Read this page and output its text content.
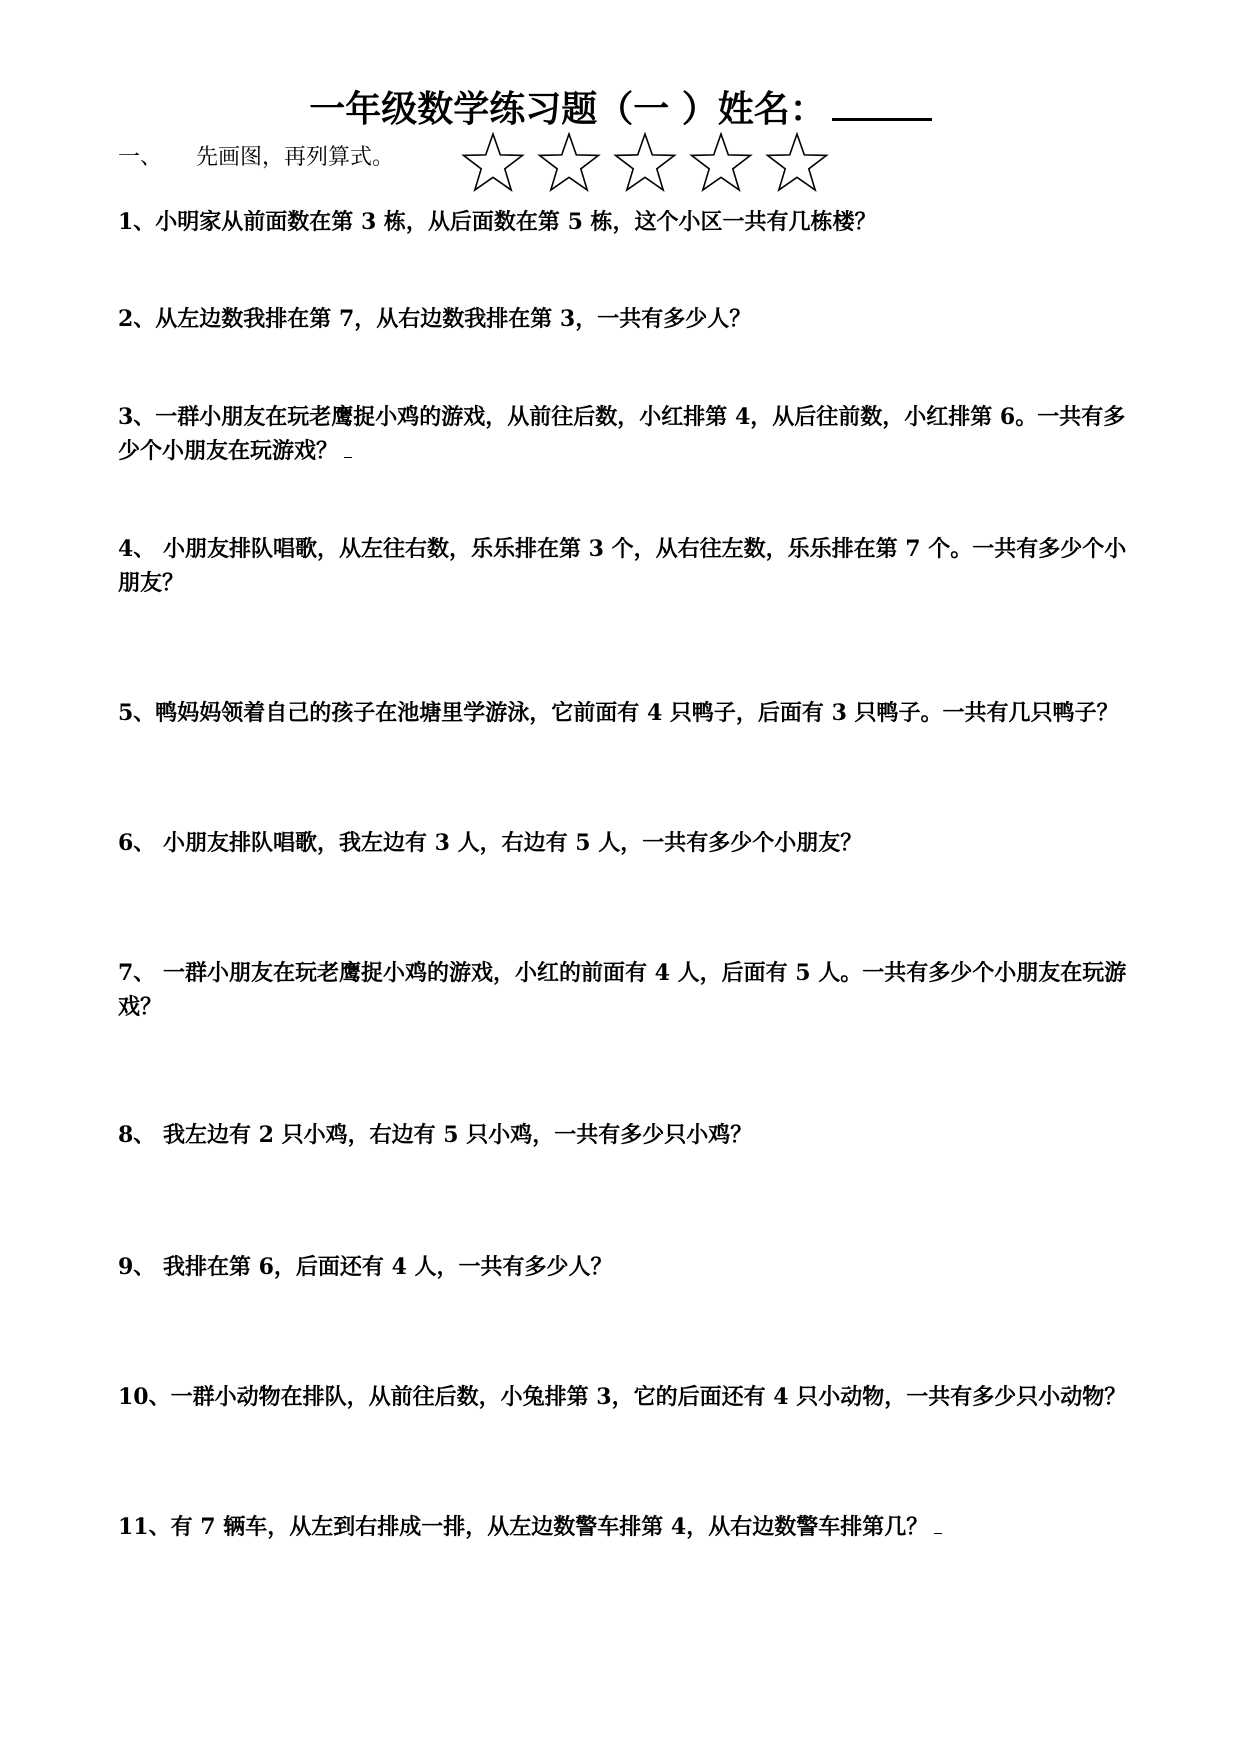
一年级数学练习题（一 ）姓名：
一、 先画图，再列算式。
1、小明家从前面数在第 3 栋，从后面数在第 5 栋，这个小区一共有几栋楼？
2、从左边数我排在第 7，从右边数我排在第 3，一共有多少人？
3、一群小朋友在玩老鹰捉小鸡的游戏，从前往后数，小红排第 4，从后往前数，小红排第 6。一共有多少个小朋友在玩游戏？
4、 小朋友排队唱歌，从左往右数，乐乐排在第 3 个，从右往左数，乐乐排在第 7 个。一共有多少个小朋友？
5、鸭妈妈领着自己的孩子在池塘里学游泳，它前面有 4 只鸭子，后面有 3 只鸭子。一共有几只鸭子？
6、 小朋友排队唱歌，我左边有 3 人，右边有 5 人，一共有多少个小朋友？
7、 一群小朋友在玩老鹰捉小鸡的游戏，小红的前面有 4 人，后面有 5 人。一共有多少个小朋友在玩游戏？
8、 我左边有 2 只小鸡，右边有 5 只小鸡，一共有多少只小鸡？
9、 我排在第 6，后面还有 4 人，一共有多少人？
10、一群小动物在排队，从前往后数，小兔排第 3，它的后面还有 4 只小动物，一共有多少只小动物？
11、有 7 辆车，从左到右排成一排，从左边数警车排第 4，从右边数警车排第几？
